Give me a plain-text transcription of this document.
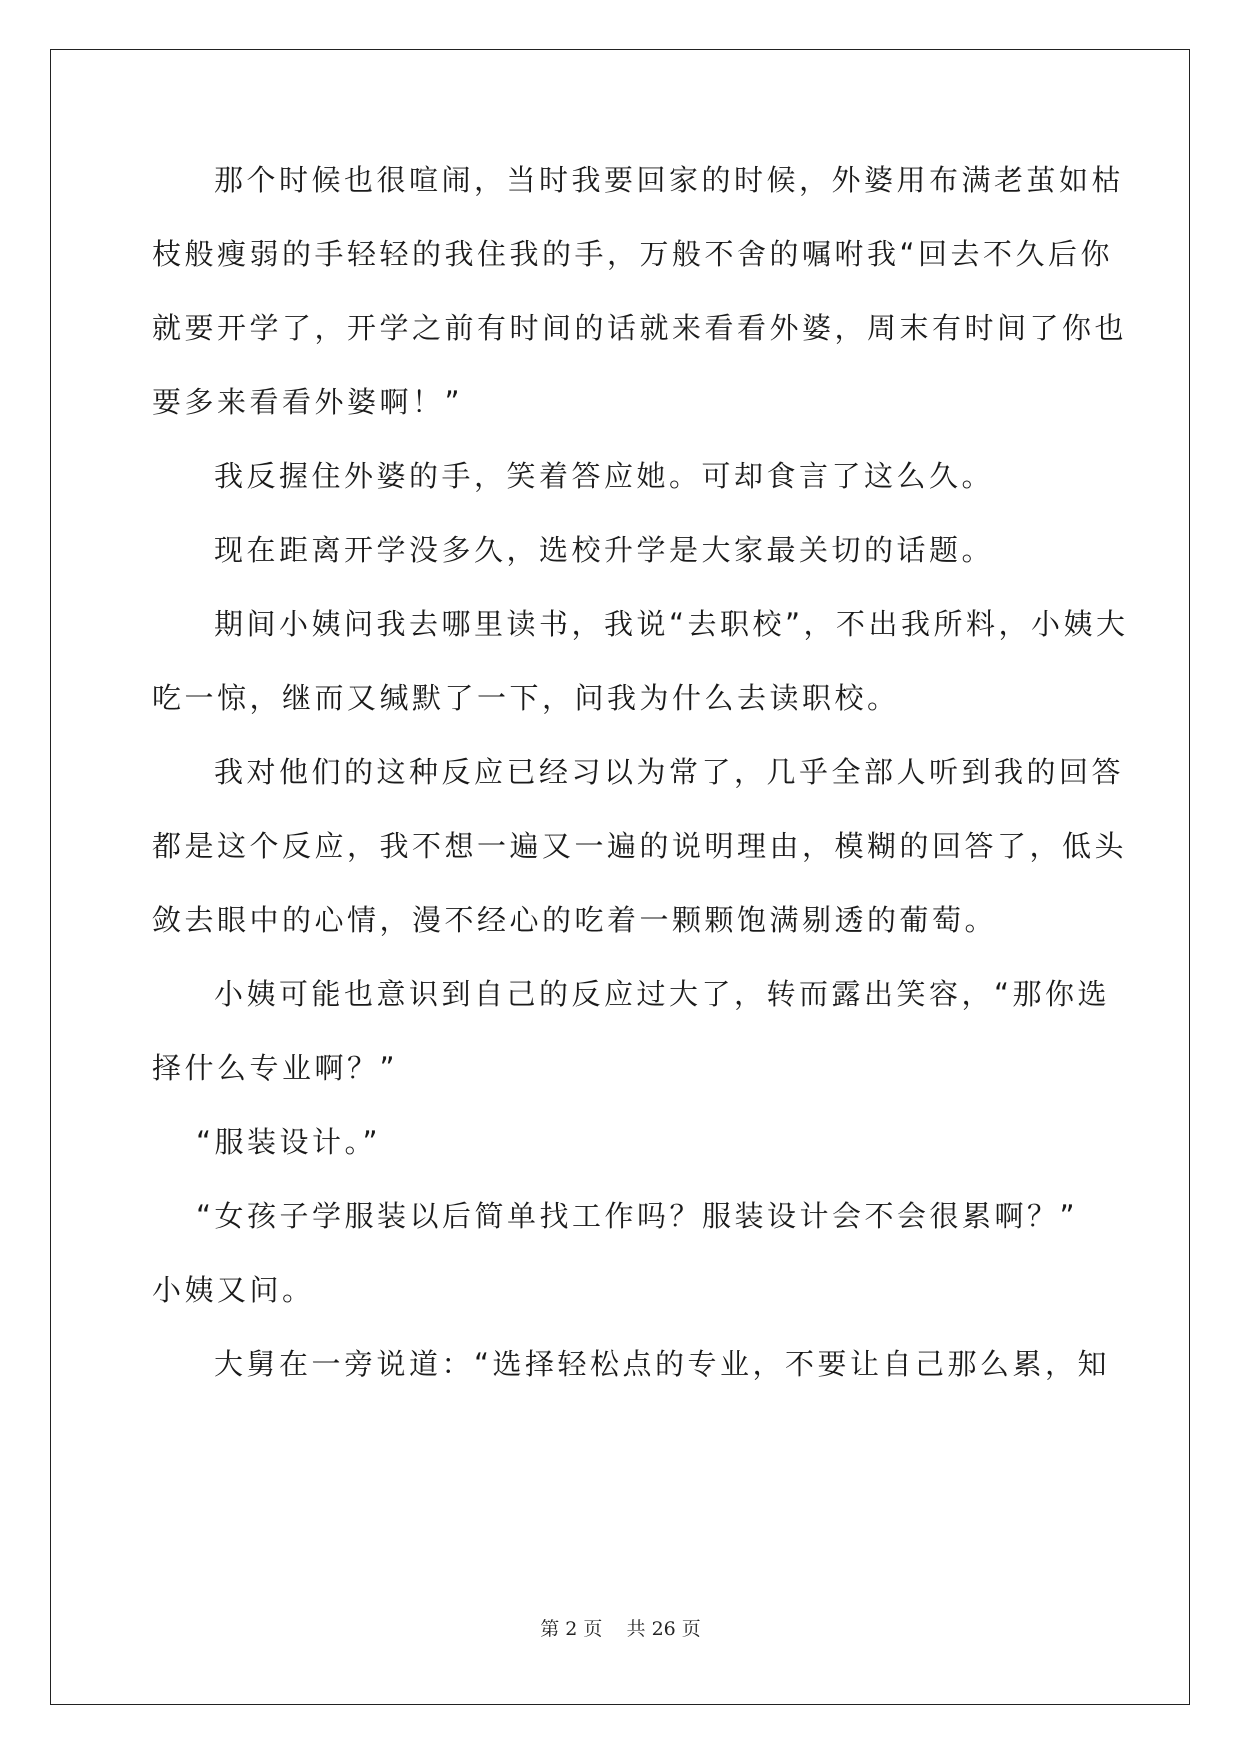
那个时候也很喧闹，当时我要回家的时候，外婆用布满老茧如枯
枝般瘦弱的手轻轻的我住我的手，万般不舍的嘱咐我“回去不久后你
就要开学了，开学之前有时间的话就来看看外婆，周末有时间了你也
要多来看看外婆啊！”
我反握住外婆的手，笑着答应她。可却食言了这么久。
现在距离开学没多久，选校升学是大家最关切的话题。
期间小姨问我去哪里读书，我说“去职校”，不出我所料，小姨大
吃一惊，继而又缄默了一下，问我为什么去读职校。
我对他们的这种反应已经习以为常了，几乎全部人听到我的回答
都是这个反应，我不想一遍又一遍的说明理由，模糊的回答了，低头
敛去眼中的心情，漫不经心的吃着一颗颗饱满剔透的葡萄。
小姨可能也意识到自己的反应过大了，转而露出笑容，“那你选
择什么专业啊？”
“服装设计。”
“女孩子学服装以后简单找工作吗？服装设计会不会很累啊？”
小姨又问。
大舅在一旁说道：“选择轻松点的专业，不要让自己那么累，知
第 2 页    共 26 页
